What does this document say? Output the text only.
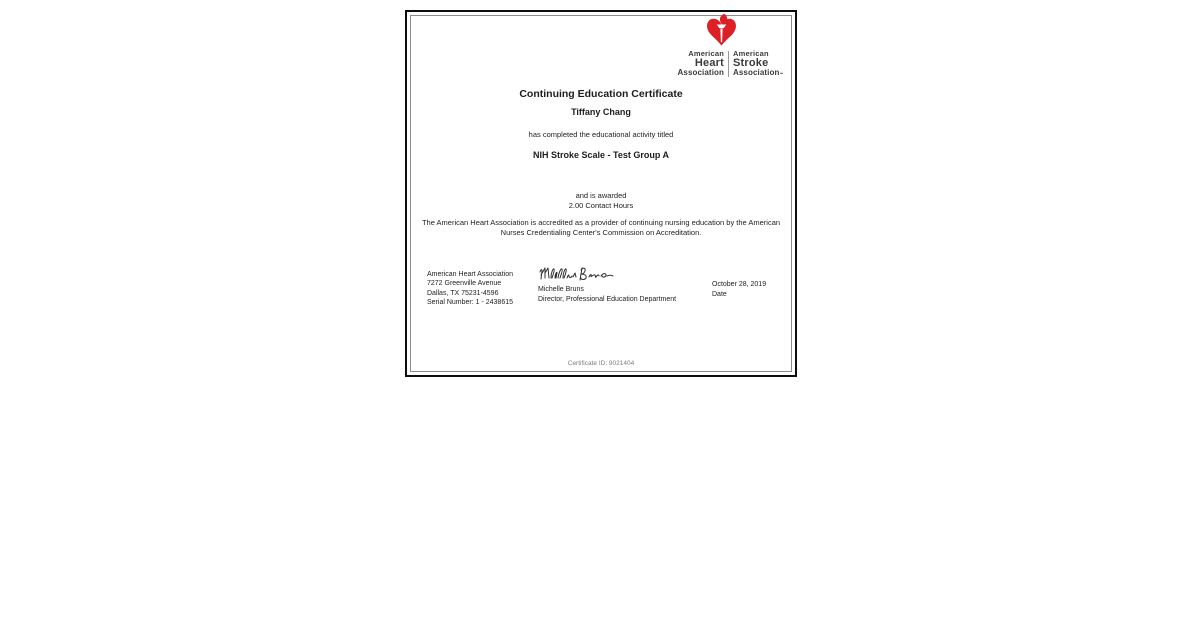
American
Heart
Association
American
Stroke
Association℠
Continuing Education Certificate
Tiffany Chang
has completed the educational activity titled
NIH Stroke Scale - Test Group A
and is awarded
2.00 Contact Hours
The American Heart Association is accredited as a provider of continuing nursing education by the American Nurses Credentialing Center's Commission on Accreditation.
American Heart Association
7272 Greenville Avenue
Dallas, TX 75231-4596
Serial Number: 1 - 2438615
Michelle Bruns
Director, Professional Education Department
October 28, 2019
Date
Certificate ID: 9021404
